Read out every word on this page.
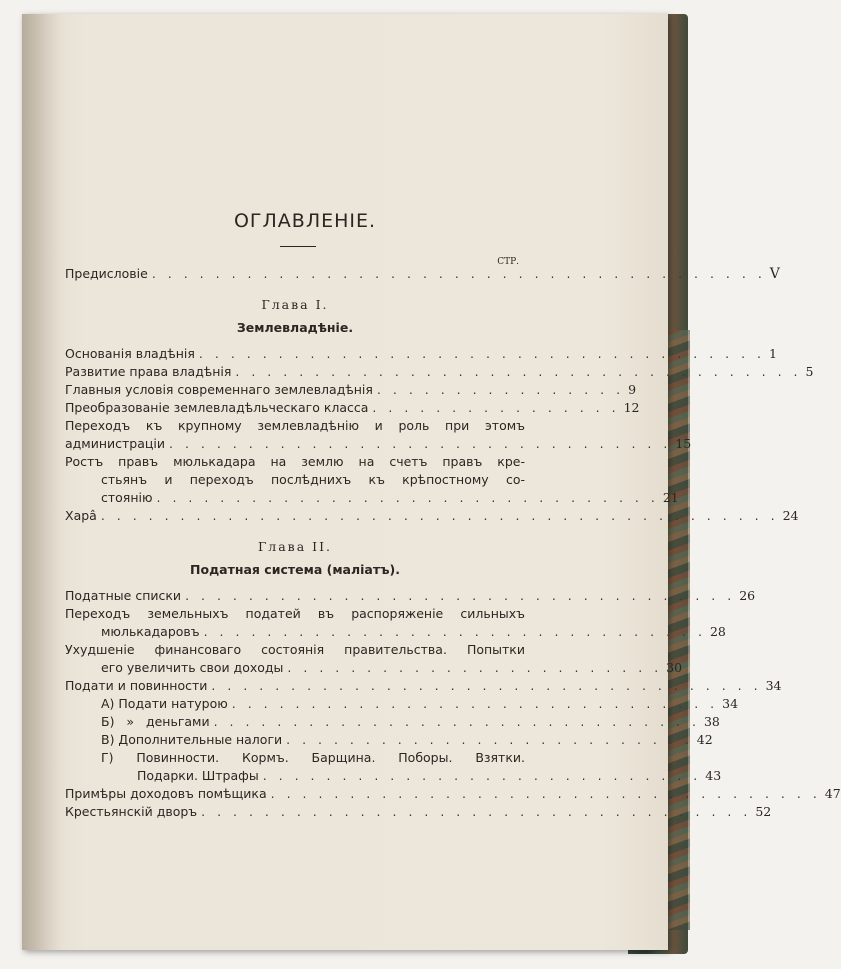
ОГЛАВЛЕНІЕ.
СТР.
Предисловіе . . . . . . . . . . . . . . . . . . . . . . . . . . . . . . . . . . . . . . . V
Глава І.
Землевладѣніе.
Основанія владѣнія . . . . . . . . . . . . . . . . . . . . . . . . . . . . . . . . . . . . 1
Развитие права владѣнія . . . . . . . . . . . . . . . . . . . . . . . . . . . . . . . . . . . . 5
Главныя условія современнаго землевладѣнія . . . . . . . . . . . . . . . . 9
Преобразованіе землевладѣльческаго класса . . . . . . . . . . . . . . . . 12
Переходъ къ крупному землевладѣнію и роль при этомъ
администраціи . . . . . . . . . . . . . . . . . . . . . . . . . . . . . . . . 15
Ростъ правъ мюлькадара на землю на счетъ правъ кре-
стьянъ и переходъ послѣднихъ къ крѣпостному со-
стоянію . . . . . . . . . . . . . . . . . . . . . . . . . . . . . . . . 21
Харâ . . . . . . . . . . . . . . . . . . . . . . . . . . . . . . . . . . . . . . . . . . . 24
Глава II.
Податная система (маліатъ).
Податные списки . . . . . . . . . . . . . . . . . . . . . . . . . . . . . . . . . . . 26
Переходъ земельныхъ податей въ распоряженіе сильныхъ
мюлькадаровъ . . . . . . . . . . . . . . . . . . . . . . . . . . . . . . . . 28
Ухудшеніе финансоваго состоянія правительства. Попытки
его увеличить свои доходы . . . . . . . . . . . . . . . . . . . . . . . . 30
Подати и повинности . . . . . . . . . . . . . . . . . . . . . . . . . . . . . . . . . . . 34
А) Подати натурою . . . . . . . . . . . . . . . . . . . . . . . . . . . . . . . 34
Б)   »   деньгами . . . . . . . . . . . . . . . . . . . . . . . . . . . . . . . 38
В) Дополнительные налоги . . . . . . . . . . . . . . . . . . . . . . . . . . 42
Г) Повинности. Кормъ. Барщина. Поборы. Взятки.
Подарки. Штрафы . . . . . . . . . . . . . . . . . . . . . . . . . . . . 43
Примѣры доходовъ помѣщика . . . . . . . . . . . . . . . . . . . . . . . . . . . . . . . . . . . 47
Крестьянскій дворъ . . . . . . . . . . . . . . . . . . . . . . . . . . . . . . . . . . . 52
